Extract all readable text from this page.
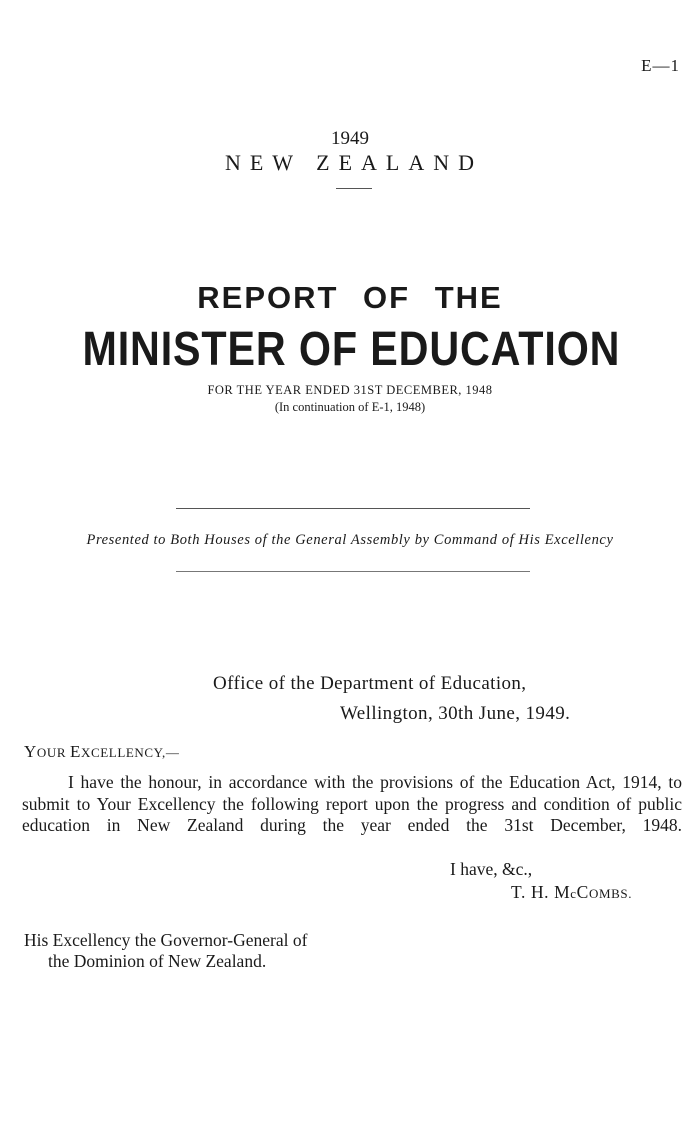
E—1
1949
NEW ZEALAND
REPORT OF THE
MINISTER OF EDUCATION
FOR THE YEAR ENDED 31ST DECEMBER, 1948
(In continuation of E-1, 1948)
Presented to Both Houses of the General Assembly by Command of His Excellency
Office of the Department of Education,
Wellington, 30th June, 1949.
YOUR EXCELLENCY,—

I have the honour, in accordance with the provisions of the Education Act, 1914, to submit to Your Excellency the following report upon the progress and condition of public education in New Zealand during the year ended the 31st December, 1948.

I have, &c.,
T. H. McCOMBS.
His Excellency the Governor-General of
the Dominion of New Zealand.
